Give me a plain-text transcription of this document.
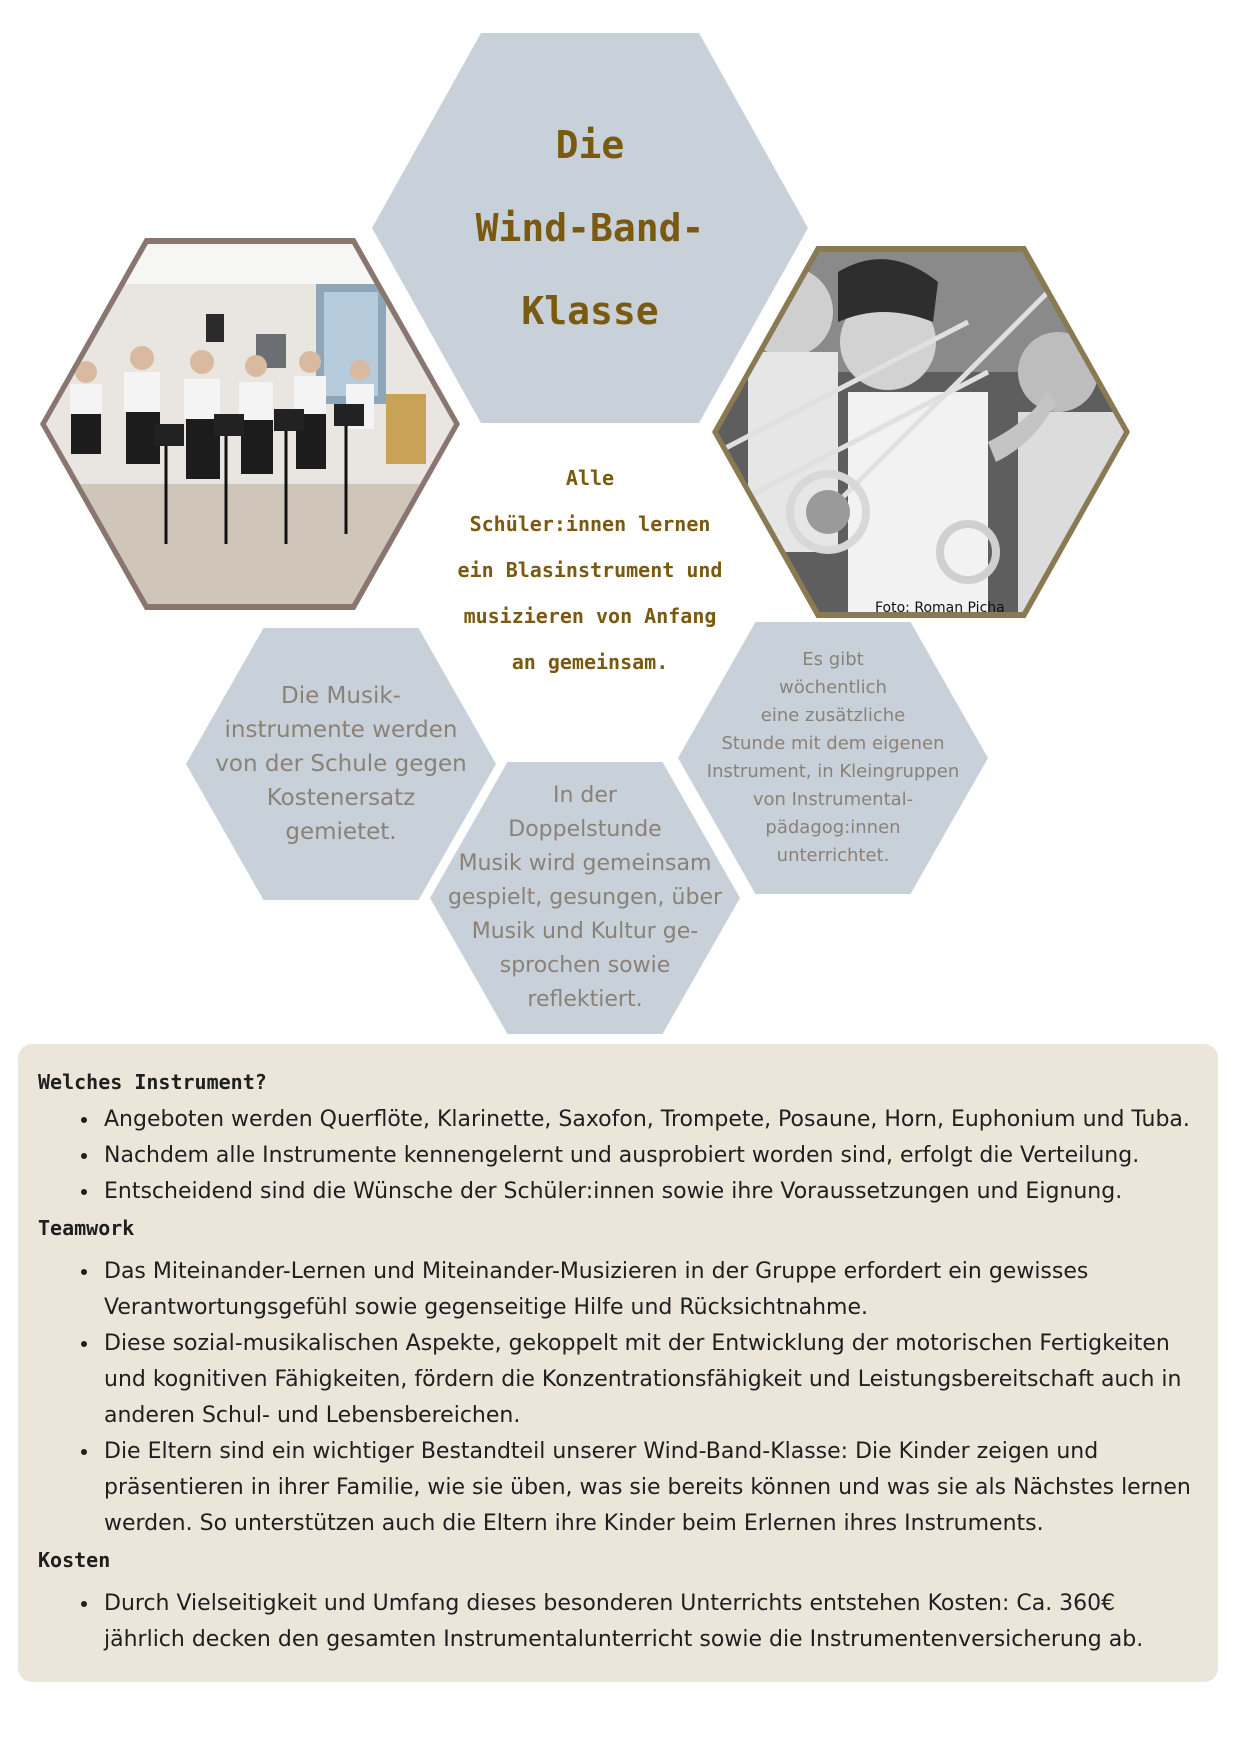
Die
Wind-Band-
Klasse
Foto: Roman Picha
Alle
Schüler:innen lernen
ein Blasinstrument und
musizieren von Anfang
an gemeinsam.
Die Musik-
instrumente werden
von der Schule gegen
Kostenersatz
gemietet.
In der
Doppelstunde
Musik wird gemeinsam
gespielt, gesungen, über
Musik und Kultur ge-
sprochen sowie
reflektiert.
Es gibt
wöchentlich
eine zusätzliche
Stunde mit dem eigenen
Instrument, in Kleingruppen
von Instrumental-
pädagog:innen
unterrichtet.
Welches Instrument?
• Angeboten werden Querflöte, Klarinette, Saxofon, Trompete, Posaune, Horn, Euphonium und Tuba.
• Nachdem alle Instrumente kennengelernt und ausprobiert worden sind, erfolgt die Verteilung.
• Entscheidend sind die Wünsche der Schüler:innen sowie ihre Voraussetzungen und Eignung.
Teamwork
• Das Miteinander-Lernen und Miteinander-Musizieren in der Gruppe erfordert ein gewisses Verantwortungsgefühl sowie gegenseitige Hilfe und Rücksichtnahme.
• Diese sozial-musikalischen Aspekte, gekoppelt mit der Entwicklung der motorischen Fertigkeiten und kognitiven Fähigkeiten, fördern die Konzentrationsfähigkeit und Leistungsbereitschaft auch in anderen Schul- und Lebensbereichen.
• Die Eltern sind ein wichtiger Bestandteil unserer Wind-Band-Klasse: Die Kinder zeigen und präsentieren in ihrer Familie, wie sie üben, was sie bereits können und was sie als Nächstes lernen werden. So unterstützen auch die Eltern ihre Kinder beim Erlernen ihres Instruments.
Kosten
• Durch Vielseitigkeit und Umfang dieses besonderen Unterrichts entstehen Kosten: Ca. 360€ jährlich decken den gesamten Instrumentalunterricht sowie die Instrumentenversicherung ab.
